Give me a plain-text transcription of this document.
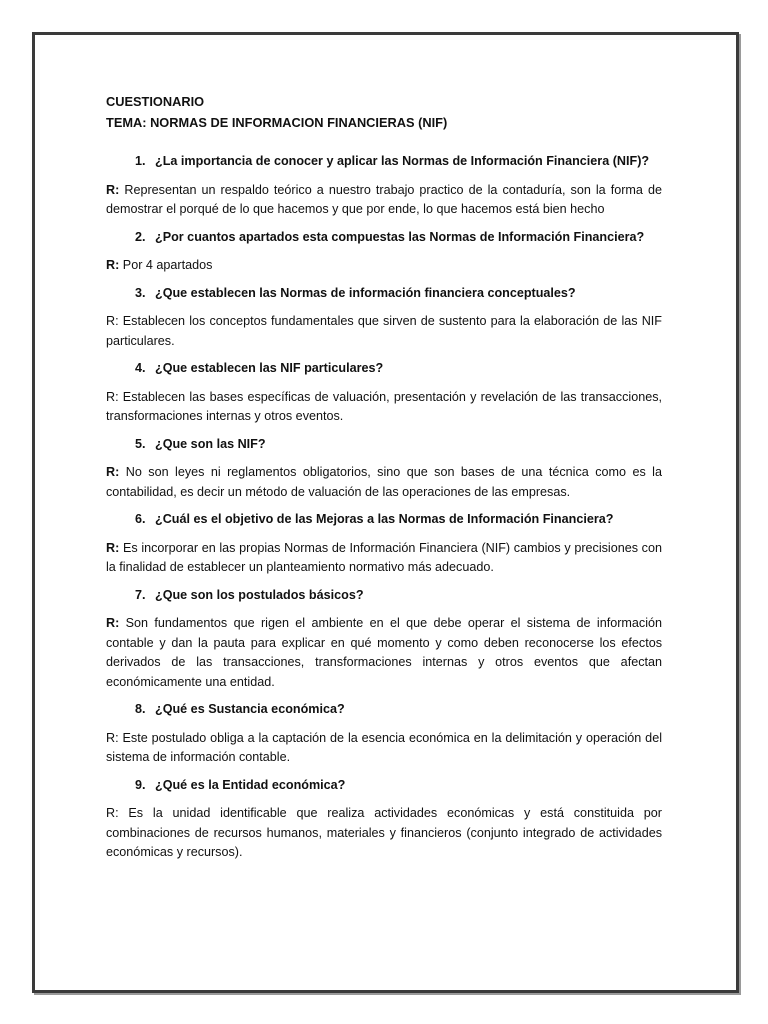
CUESTIONARIO

TEMA: NORMAS DE INFORMACION FINANCIERAS (NIF)

1. ¿La importancia de conocer y aplicar las Normas de Información Financiera (NIF)?

R: Representan un respaldo teórico a nuestro trabajo practico de la contaduría, son la forma de demostrar el porqué de lo que hacemos y que por ende, lo que hacemos está bien hecho

2. ¿Por cuantos apartados esta compuestas las Normas de Información Financiera?

R: Por 4 apartados

3. ¿Que establecen las Normas de información financiera conceptuales?

R: Establecen los conceptos fundamentales que sirven de sustento para la elaboración de las NIF particulares.

4. ¿Que establecen las NIF particulares?

R: Establecen las bases específicas de valuación, presentación y revelación de las transacciones, transformaciones internas y otros eventos.

5. ¿Que son las NIF?

R: No son leyes ni reglamentos obligatorios, sino que son bases de una técnica como es la contabilidad, es decir un método de valuación de las operaciones de las empresas.

6. ¿Cuál es el objetivo de las Mejoras a las Normas de Información Financiera?

R: Es incorporar en las propias Normas de Información Financiera (NIF) cambios y precisiones con la finalidad de establecer un planteamiento normativo más adecuado.

7. ¿Que son los postulados básicos?

R: Son fundamentos que rigen el ambiente en el que debe operar el sistema de información contable y dan la pauta para explicar en qué momento y como deben reconocerse los efectos derivados de las transacciones, transformaciones internas y otros eventos que afectan económicamente una entidad.

8. ¿Qué es Sustancia económica?

R: Este postulado obliga a la captación de la esencia económica en la delimitación y operación del sistema de información contable.

9. ¿Qué es la Entidad económica?

R: Es la unidad identificable que realiza actividades económicas y está constituida por combinaciones de recursos humanos, materiales y financieros (conjunto integrado de actividades económicas y recursos).
